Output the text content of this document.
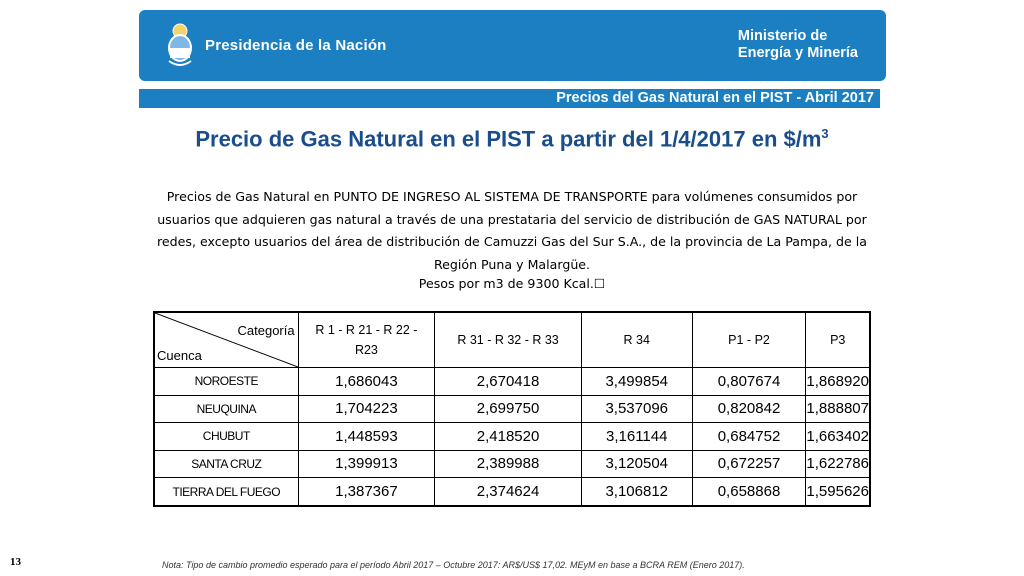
Presidencia de la Nación
Ministerio de
Energía y Minería
Precios del Gas Natural en el PIST - Abril 2017
Precio de Gas Natural en el PIST a partir del 1/4/2017 en $\$/m^3$
Precios de Gas Natural en PUNTO DE INGRESO AL SISTEMA DE TRANSPORTE para volúmenes consumidos por usuarios que adquieren gas natural a través de una prestataria del servicio de distribución de GAS NATURAL por redes, excepto usuarios del área de distribución de Camuzzi Gas del Sur S.A., de la provincia de La Pampa, de la Región Puna y Malargüe.
Pesos por m3 de 9300 Kcal.☐
Categoría
Cuenca	R 1 - R 21 - R 22 - R23	R 31 - R 32 - R 33	R 34	P1 - P2	P3
NOROESTE	1,686043	2,670418	3,499854	0,807674	1,868920
NEUQUINA	1,704223	2,699750	3,537096	0,820842	1,888807
CHUBUT	1,448593	2,418520	3,161144	0,684752	1,663402
SANTA CRUZ	1,399913	2,389988	3,120504	0,672257	1,622786
TIERRA DEL FUEGO	1,387367	2,374624	3,106812	0,658868	1,595626
13	Nota: Tipo de cambio promedio esperado para el período Abril 2017 – Octubre 2017: AR$/US$ 17,02. MEyM en base a BCRA REM (Enero 2017).
